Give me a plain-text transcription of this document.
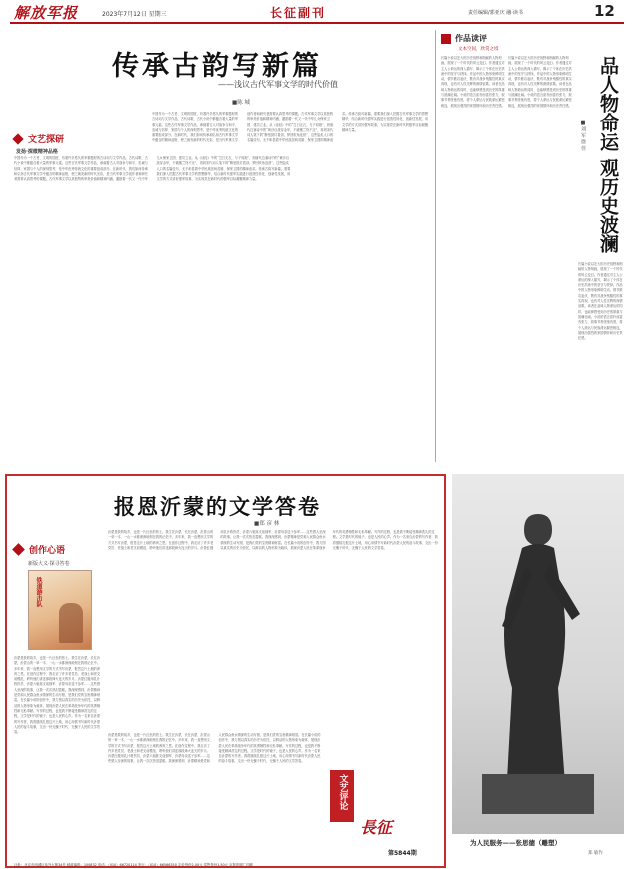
解放军报	2023年7月12日 星期三	长征副刊	责任编辑/郭亚庆 融·读书	12
传承古韵写新篇
——浅议古代军事文学的时代价值
■陈 城
文艺探研
发扬·探微精神品格
中国作为一个古老、文明的国度，有着许多悠久的军事题材的古诗词与文学作品，古代诗歌、古代小说中都蕴含着大量的军事元素。这些古代军事文学作品，承载着古人对战争与和平、忠诚与信仰、家国与个人的深刻思考，是中华优秀传统文化的重要组成部分。在新时代，我们如何传承和弘扬古代军事文学中蕴含的精神品格，使之焕发新的时代光彩，是当代军事文学创作者和研究者需要认真思考的课题。古代军事文学以其独特的审美价值和精神内涵，激励着一代又一代中华儿女保家卫国、建功立业。从《诗经》中的“岂曰无衣，与子同袍”，到唐代边塞诗中的“黄沙百战穿金甲，不破楼兰终不还”，再到宋代词人笔下的“醉里挑灯看剑，梦回吹角连营”，这些脍炙人口的名篇佳句，无不彰显着中华民族崇尚英雄、保家卫国的精神追求。传承古韵写新篇，需要我们深入挖掘古代军事文学的思想精华，结合新时代强军实践进行创造性转化、创新性发展，用文学的方式讲好强军故事，为实现党在新时代的强军目标凝聚精神力量。
中国作为一个古老、文明的国度，有着许多悠久的军事题材的古诗词与文学作品，古代诗歌、古代小说中都蕴含着大量的军事元素。这些古代军事文学作品，承载着古人对战争与和平、忠诚与信仰、家国与个人的深刻思考，是中华优秀传统文化的重要组成部分。在新时代，我们如何传承和弘扬古代军事文学中蕴含的精神品格，使之焕发新的时代光彩，是当代军事文学创作者和研究者需要认真思考的课题。古代军事文学以其独特的审美价值和精神内涵，激励着一代又一代中华儿女保家卫国、建功立业。从《诗经》中的“岂曰无衣，与子同袍”，到唐代边塞诗中的“黄沙百战穿金甲，不破楼兰终不还”，再到宋代词人笔下的“醉里挑灯看剑，梦回吹角连营”，这些脍炙人口的名篇佳句，无不彰显着中华民族崇尚英雄、保家卫国的精神追求。传承古韵写新篇，需要我们深入挖掘古代军事文学的思想精华，结合新时代强军实践进行创造性转化、创新性发展，用文学的方式讲好强军故事，为实现党在新时代的强军目标凝聚精神力量。
作品读评
文本空间，欣赏之境
品人物命运 观历史波澜
■刘 军 徐 佳
长篇小说以宏大的历史视野和细腻的人物刻画，展现了一个时代的风云变幻。作者通过对主人公命运的深入描写，揭示了个体在历史洪流中的坚守与抉择。作品中的人物形象鲜明生动，情节跌宕起伏，既有对战争残酷性的真实再现，也有对人性光辉的深情讴歌。读者在品味人物命运的同时，也能够感受到历史的厚重与波澜壮阔。小说的语言质朴而富有张力，叙事节奏张弛有度，将个人命运与民族命运紧密相连，展现出强烈的家国情怀和历史责任感。
长篇小说以宏大的历史视野和细腻的人物刻画，展现了一个时代的风云变幻。作者通过对主人公命运的深入描写，揭示了个体在历史洪流中的坚守与抉择。作品中的人物形象鲜明生动，情节跌宕起伏，既有对战争残酷性的真实再现，也有对人性光辉的深情讴歌。读者在品味人物命运的同时，也能够感受到历史的厚重与波澜壮阔。小说的语言质朴而富有张力，叙事节奏张弛有度，将个人命运与民族命运紧密相连，展现出强烈的家国情怀和历史责任感。
长篇小说以宏大的历史视野和细腻的人物刻画，展现了一个时代的风云变幻。作者通过对主人公命运的深入描写，揭示了个体在历史洪流中的坚守与抉择。作品中的人物形象鲜明生动，情节跌宕起伏，既有对战争残酷性的真实再现，也有对人性光辉的深情讴歌。读者在品味人物命运的同时，也能够感受到历史的厚重与波澜壮阔。小说的语言质朴而富有张力，叙事节奏张弛有度，将个人命运与民族命运紧密相连，展现出强烈的家国情怀和历史责任感。
报恩沂蒙的文学答卷
■郑 彦 林
创作心语
新版大义·探寻答卷
铁道游击队
沂蒙是我的故乡，也是一片红色的热土。我生在沂蒙，长在沂蒙，沂蒙山的一草一木、一山一水都深深地刻在我的记忆中。多年来，我一直想用文学的方式书写沂蒙，报答这片土地的养育之恩。在创作过程中，我走访了许多老党员、老战士和老支前模范，聆听他们讲述那段烽火连天的岁月。沂蒙红嫂用乳汁救伤员、沂蒙六姐妹支前拥军、沂蒙母亲送子参军……这些感人至深的故事，让我一次次热泪盈眶。我深深感到，沂蒙精神是党和人民群众鱼水情深的生动写照，是我们党的宝贵精神财富。在长篇小说的创作中，我力图以真实的历史为依托，以鲜活的人物形象为载体，展现沂蒙人民在革命战争年代的英勇牺牲和无私奉献。写作的过程，也是我不断接受精神洗礼的过程。文学是时代的镜子，也是人民的心声。作为一名来自沂蒙的写作者，我将继续扎根这片土地，用心用情书写新时代沂蒙人民的奋斗故事，交出一份无愧于时代、无愧于人民的文学答卷。
沂蒙是我的故乡，也是一片红色的热土。我生在沂蒙，长在沂蒙，沂蒙山的一草一木、一山一水都深深地刻在我的记忆中。多年来，我一直想用文学的方式书写沂蒙，报答这片土地的养育之恩。在创作过程中，我走访了许多老党员、老战士和老支前模范，聆听他们讲述那段烽火连天的岁月。沂蒙红嫂用乳汁救伤员、沂蒙六姐妹支前拥军、沂蒙母亲送子参军……这些感人至深的故事，让我一次次热泪盈眶。我深深感到，沂蒙精神是党和人民群众鱼水情深的生动写照，是我们党的宝贵精神财富。在长篇小说的创作中，我力图以真实的历史为依托，以鲜活的人物形象为载体，展现沂蒙人民在革命战争年代的英勇牺牲和无私奉献。写作的过程，也是我不断接受精神洗礼的过程。文学是时代的镜子，也是人民的心声。作为一名来自沂蒙的写作者，我将继续扎根这片土地，用心用情书写新时代沂蒙人民的奋斗故事，交出一份无愧于时代、无愧于人民的文学答卷。
沂蒙是我的故乡，也是一片红色的热土。我生在沂蒙，长在沂蒙，沂蒙山的一草一木、一山一水都深深地刻在我的记忆中。多年来，我一直想用文学的方式书写沂蒙，报答这片土地的养育之恩。在创作过程中，我走访了许多老党员、老战士和老支前模范，聆听他们讲述那段烽火连天的岁月。沂蒙红嫂用乳汁救伤员、沂蒙六姐妹支前拥军、沂蒙母亲送子参军……这些感人至深的故事，让我一次次热泪盈眶。我深深感到，沂蒙精神是党和人民群众鱼水情深的生动写照，是我们党的宝贵精神财富。在长篇小说的创作中，我力图以真实的历史为依托，以鲜活的人物形象为载体，展现沂蒙人民在革命战争年代的英勇牺牲和无私奉献。写作的过程，也是我不断接受精神洗礼的过程。文学是时代的镜子，也是人民的心声。作为一名来自沂蒙的写作者，我将继续扎根这片土地，用心用情书写新时代沂蒙人民的奋斗故事，交出一份无愧于时代、无愧于人民的文学答卷。
文艺
评论
長征
第5844期
为人民服务——张思德（雕塑）
郑 敏作
社址：北京市西城区阜外大街34号 邮政编码：100832 电话：（010）66720114 发行：（010）66566350 定价每份2.00元 零售每份1.50元 京报印刷厂印刷
